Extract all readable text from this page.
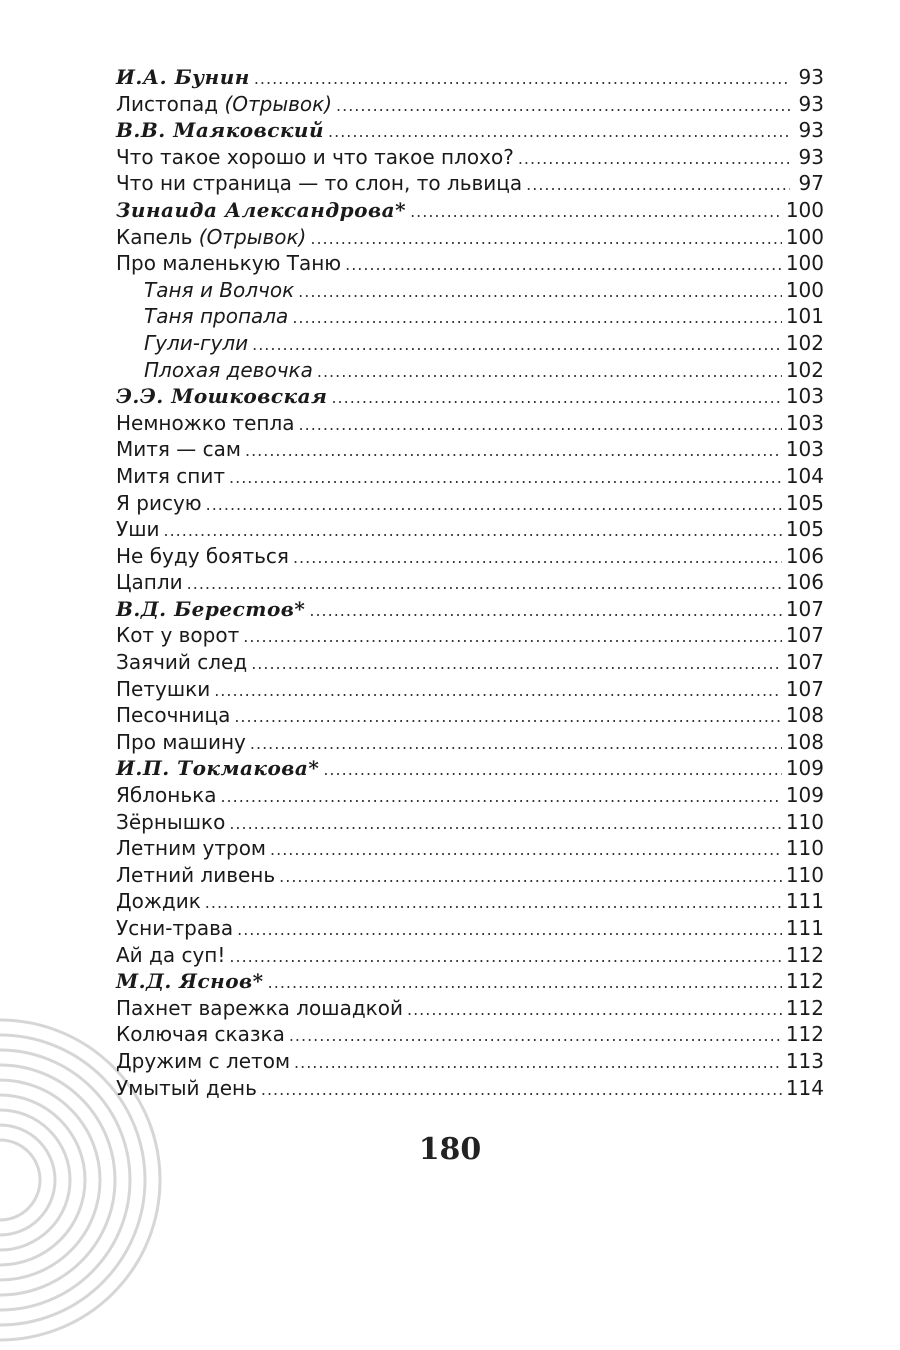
И.А. Бунин .....	93
Листопад (Отрывок) .....	93
В.В. Маяковский .....	93
Что такое хорошо и что такое плохо? .....	93
Что ни страница — то слон, то львица .....	97
Зинаида Александрова* .....	100
Капель (Отрывок) .....	100
Про маленькую Таню .....	100
Таня и Волчок .....	100
Таня пропала .....	101
Гули-гули .....	102
Плохая девочка .....	102
Э.Э. Мошковская .....	103
Немножко тепла .....	103
Митя — сам .....	103
Митя спит .....	104
Я рисую .....	105
Уши .....	105
Не буду бояться .....	106
Цапли .....	106
В.Д. Берестов* .....	107
Кот у ворот .....	107
Заячий след .....	107
Петушки .....	107
Песочница .....	108
Про машину .....	108
И.П. Токмакова* .....	109
Яблонька .....	109
Зёрнышко .....	110
Летним утром .....	110
Летний ливень .....	110
Дождик .....	111
Усни-трава .....	111
Ай да суп! .....	112
М.Д. Яснов* .....	112
Пахнет варежка лошадкой .....	112
Колючая сказка .....	112
Дружим с летом .....	113
Умытый день .....	114
180
